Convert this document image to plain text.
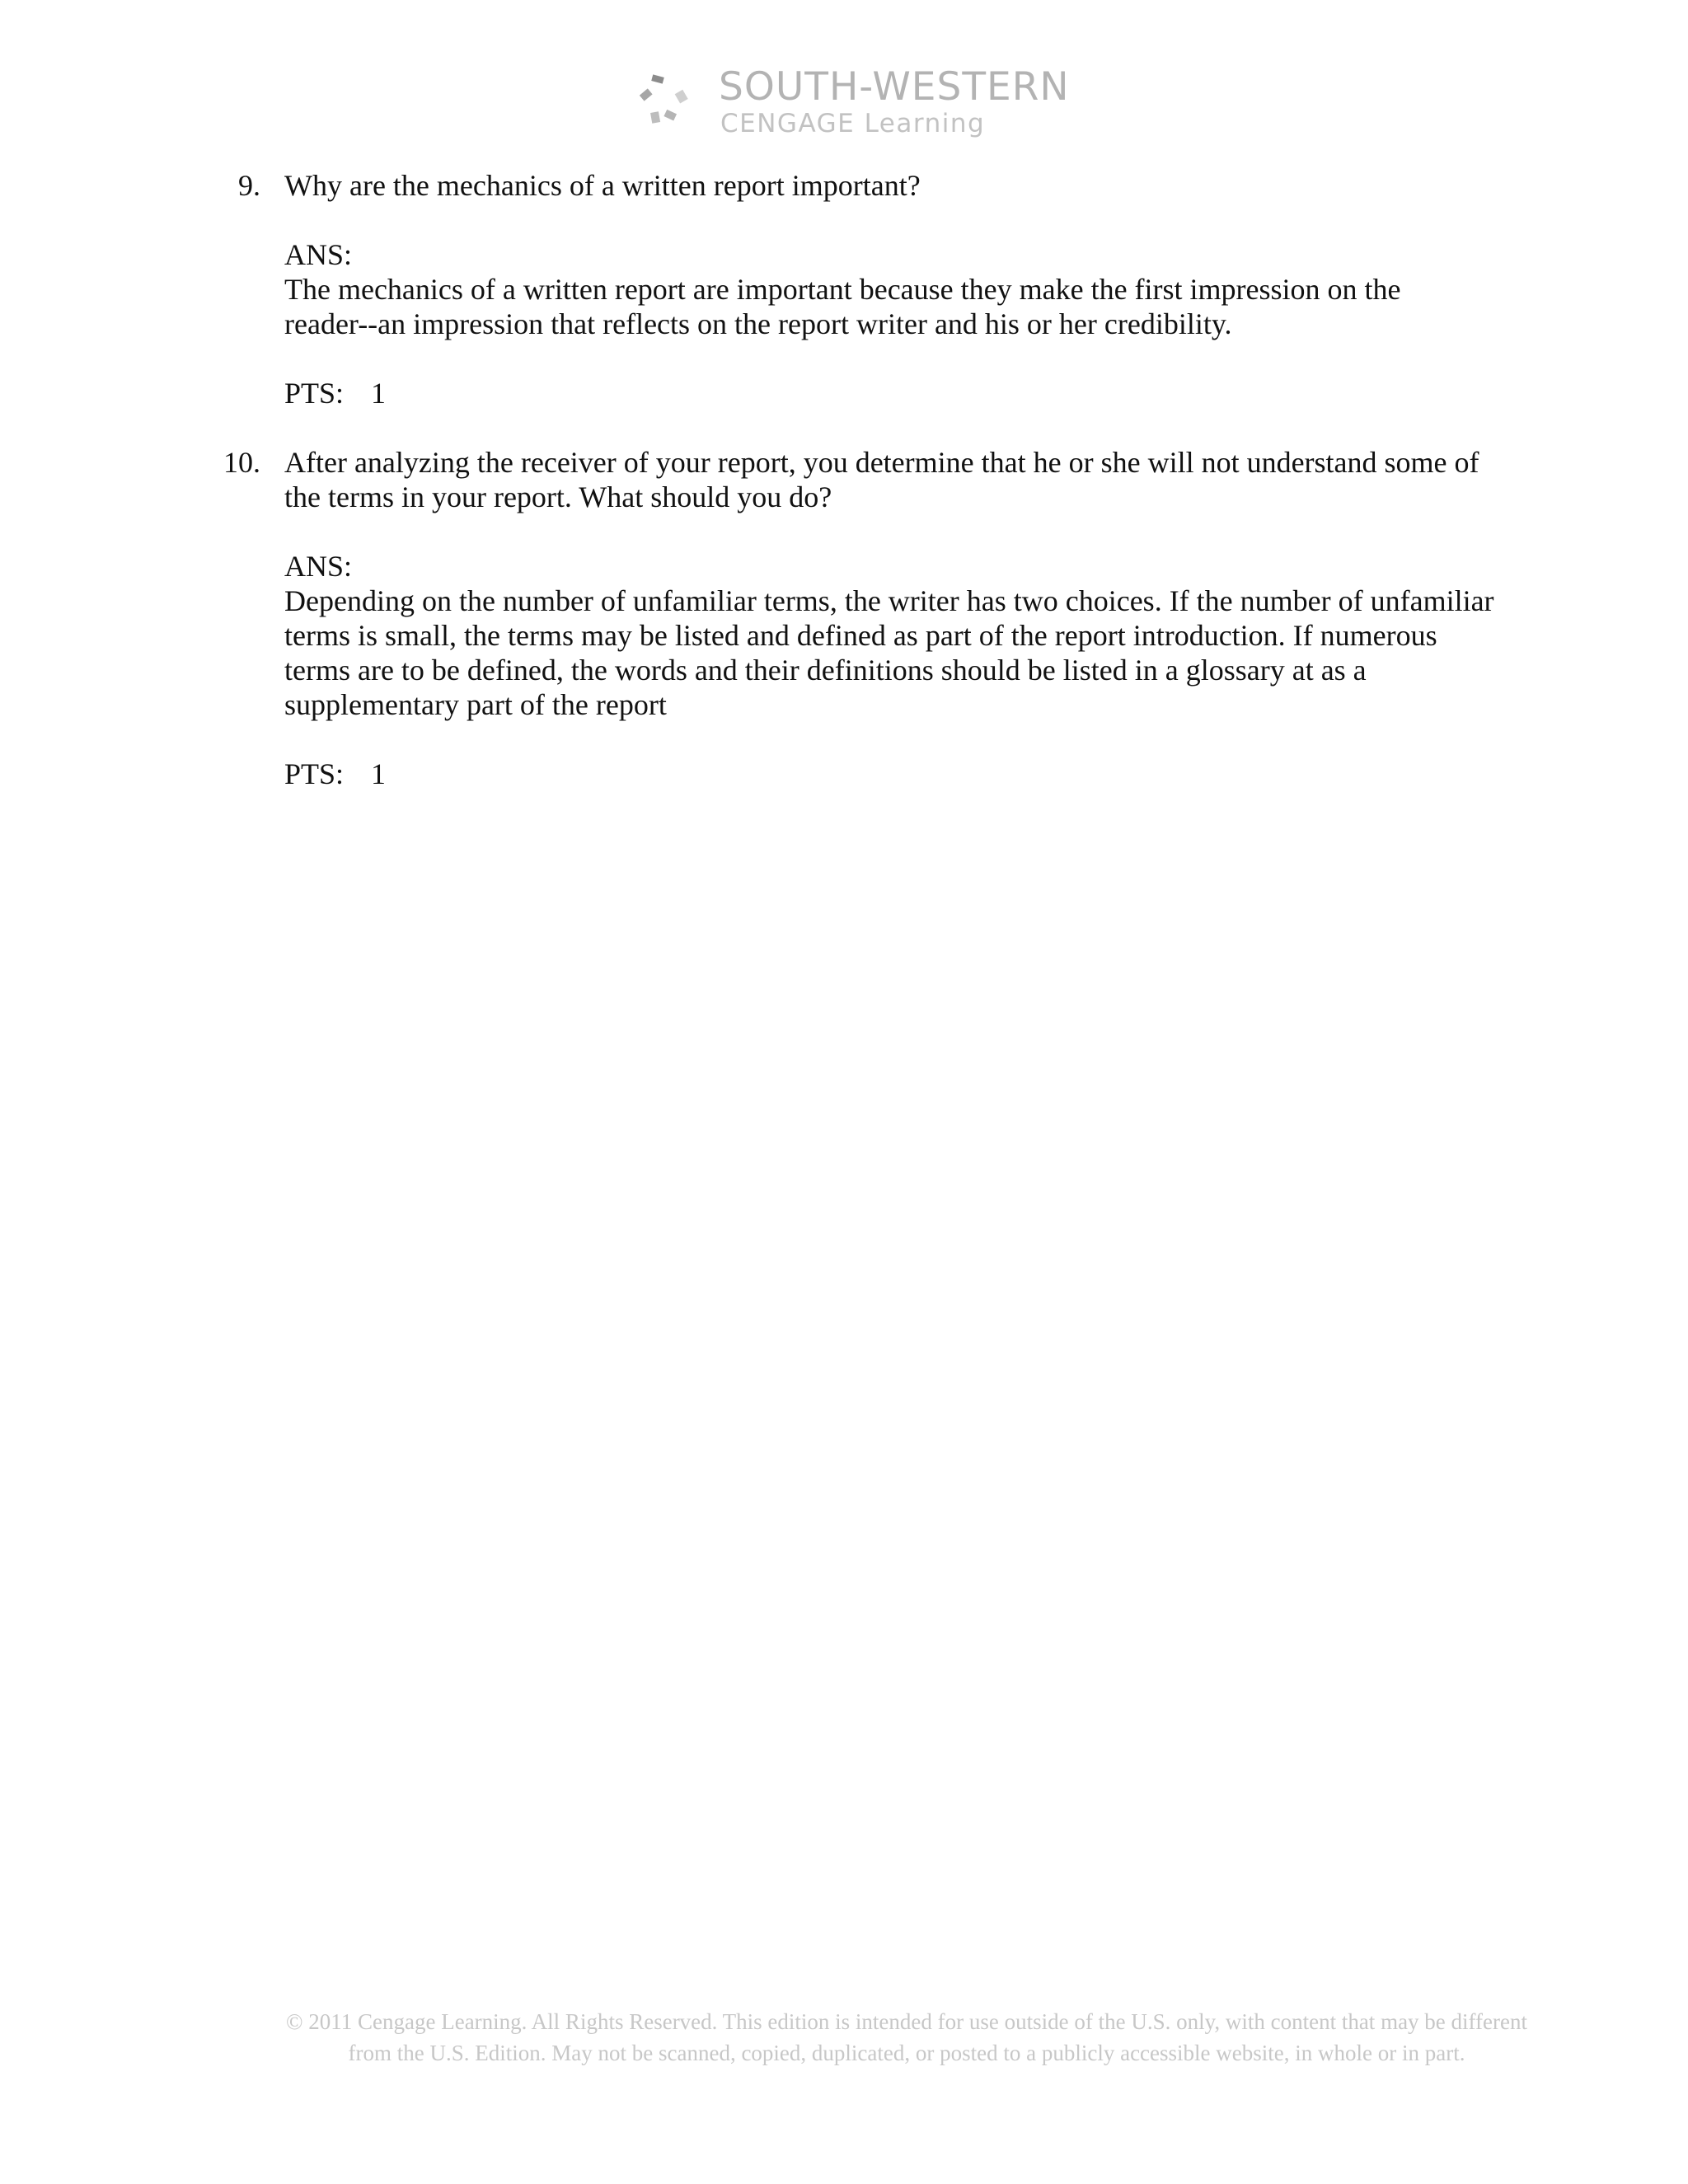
SOUTH-WESTERN
CENGAGE Learning
9. Why are the mechanics of a written report important?
ANS:
The mechanics of a written report are important because they make the first impression on the
reader--an impression that reflects on the report writer and his or her credibility.
PTS: 1
10. After analyzing the receiver of your report, you determine that he or she will not understand some of
the terms in your report. What should you do?
ANS:
Depending on the number of unfamiliar terms, the writer has two choices. If the number of unfamiliar
terms is small, the terms may be listed and defined as part of the report introduction. If numerous
terms are to be defined, the words and their definitions should be listed in a glossary at as a
supplementary part of the report
PTS: 1
© 2011 Cengage Learning. All Rights Reserved. This edition is intended for use outside of the U.S. only, with content that may be different
from the U.S. Edition. May not be scanned, copied, duplicated, or posted to a publicly accessible website, in whole or in part.
